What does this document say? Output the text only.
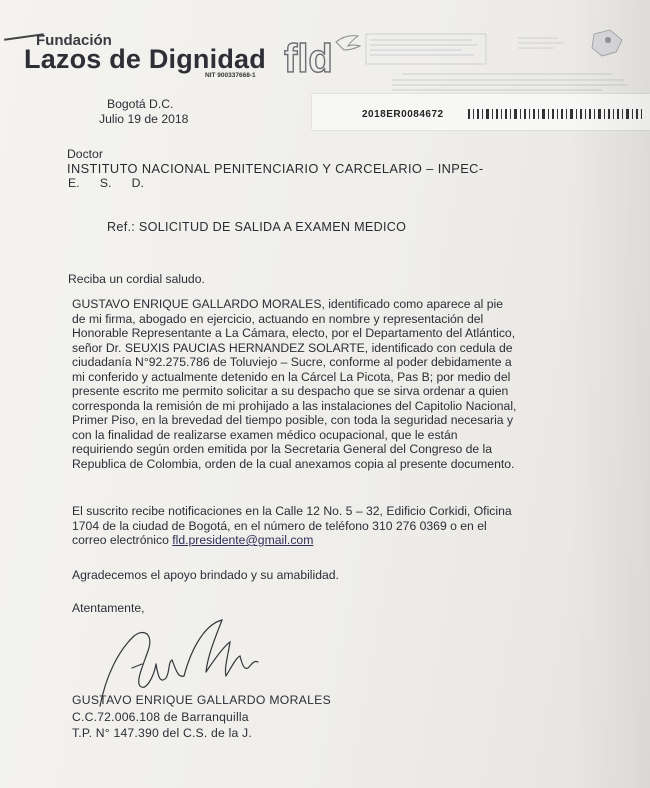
Fundación
Lazos de Dignidad
NIT 900337668-1 fld
2018ER0084672
Bogotá D.C.
Julio 19 de 2018
Doctor
INSTITUTO NACIONAL PENITENCIARIO Y CARCELARIO – INPEC-
E.      S.      D.
Ref.: SOLICITUD DE SALIDA A EXAMEN MEDICO
Reciba un cordial saludo.
GUSTAVO ENRIQUE GALLARDO MORALES, identificado como aparece al pie
de mi firma, abogado en ejercicio, actuando en nombre y representación del
Honorable Representante a La Cámara, electo, por el Departamento del Atlántico,
señor Dr. SEUXIS PAUCIAS HERNANDEZ SOLARTE, identificado con cedula de
ciudadanía N°92.275.786 de Toluviejo – Sucre, conforme al poder debidamente a
mi conferido y actualmente detenido en la Cárcel La Picota, Pas B; por medio del
presente escrito me permito solicitar a su despacho que se sirva ordenar a quien
corresponda la remisión de mi prohijado a las instalaciones del Capitolio Nacional,
Primer Piso, en la brevedad del tiempo posible, con toda la seguridad necesaria y
con la finalidad de realizarse examen médico ocupacional, que le están
requiriendo según orden emitida por la Secretaria General del Congreso de la
Republica de Colombia, orden de la cual anexamos copia al presente documento.
El suscrito recibe notificaciones en la Calle 12 No. 5 – 32, Edificio Corkidi, Oficina
1704 de la ciudad de Bogotá, en el número de teléfono 310 276 0369 o en el
correo electrónico fld.presidente@gmail.com
Agradecemos el apoyo brindado y su amabilidad.
Atentamente,
GUSTAVO ENRIQUE GALLARDO MORALES
C.C.72.006.108 de Barranquilla
T.P. N° 147.390 del C.S. de la J.
